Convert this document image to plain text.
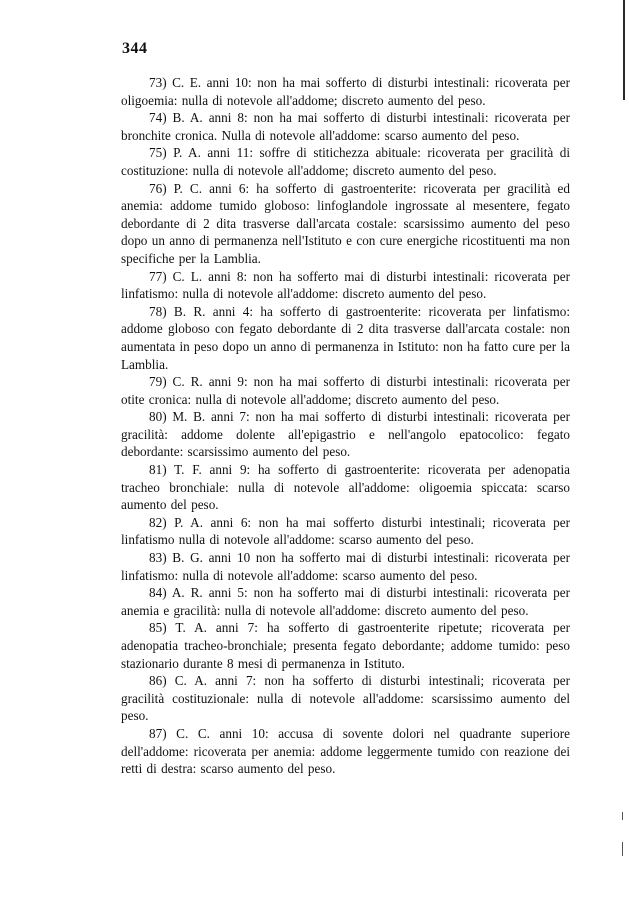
344

73) C. E. anni 10: non ha mai sofferto di disturbi intestinali: ricoverata per oligoemia: nulla di notevole all'addome; discreto aumento del peso.

74) B. A. anni 8: non ha mai sofferto di disturbi intestinali: ricoverata per bronchite cronica. Nulla di notevole all'addome: scarso aumento del peso.

75) P. A. anni 11: soffre di stitichezza abituale: ricoverata per gracilità di costituzione: nulla di notevole all'addome; discreto aumento del peso.

76) P. C. anni 6: ha sofferto di gastroenterite: ricoverata per gracilità ed anemia: addome tumido globoso: linfoglandole ingrossate al mesentere, fegato debordante di 2 dita trasverse dall'arcata costale: scarsissimo aumento del peso dopo un anno di permanenza nell'Istituto e con cure energiche ricostituenti ma non specifiche per la Lamblia.

77) C. L. anni 8: non ha sofferto mai di disturbi intestinali: ricoverata per linfatismo: nulla di notevole all'addome: discreto aumento del peso.

78) B. R. anni 4: ha sofferto di gastroenterite: ricoverata per linfatismo: addome globoso con fegato debordante di 2 dita trasverse dall'arcata costale: non aumentata in peso dopo un anno di permanenza in Istituto: non ha fatto cure per la Lamblia.

79) C. R. anni 9: non ha mai sofferto di disturbi intestinali: ricoverata per otite cronica: nulla di notevole all'addome; discreto aumento del peso.

80) M. B. anni 7: non ha mai sofferto di disturbi intestinali: ricoverata per gracilità: addome dolente all'epigastrio e nell'angolo epatocolico: fegato debordante: scarsissimo aumento del peso.

81) T. F. anni 9: ha sofferto di gastroenterite: ricoverata per adenopatia tracheo bronchiale: nulla di notevole all'addome: oligoemia spiccata: scarso aumento del peso.

82) P. A. anni 6: non ha mai sofferto disturbi intestinali; ricoverata per linfatismo nulla di notevole all'addome: scarso aumento del peso.

83) B. G. anni 10 non ha sofferto mai di disturbi intestinali: ricoverata per linfatismo: nulla di notevole all'addome: scarso aumento del peso.

84) A. R. anni 5: non ha sofferto mai di disturbi intestinali: ricoverata per anemia e gracilità: nulla di notevole all'addome: discreto aumento del peso.

85) T. A. anni 7: ha sofferto di gastroenterite ripetute; ricoverata per adenopatia tracheo-bronchiale; presenta fegato debordante; addome tumido: peso stazionario durante 8 mesi di permanenza in Istituto.

86) C. A. anni 7: non ha sofferto di disturbi intestinali; ricoverata per gracilità costituzionale: nulla di notevole all'addome: scarsissimo aumento del peso.

87) C. C. anni 10: accusa di sovente dolori nel quadrante superiore dell'addome: ricoverata per anemia: addome leggermente tumido con reazione dei retti di destra: scarso aumento del peso.
